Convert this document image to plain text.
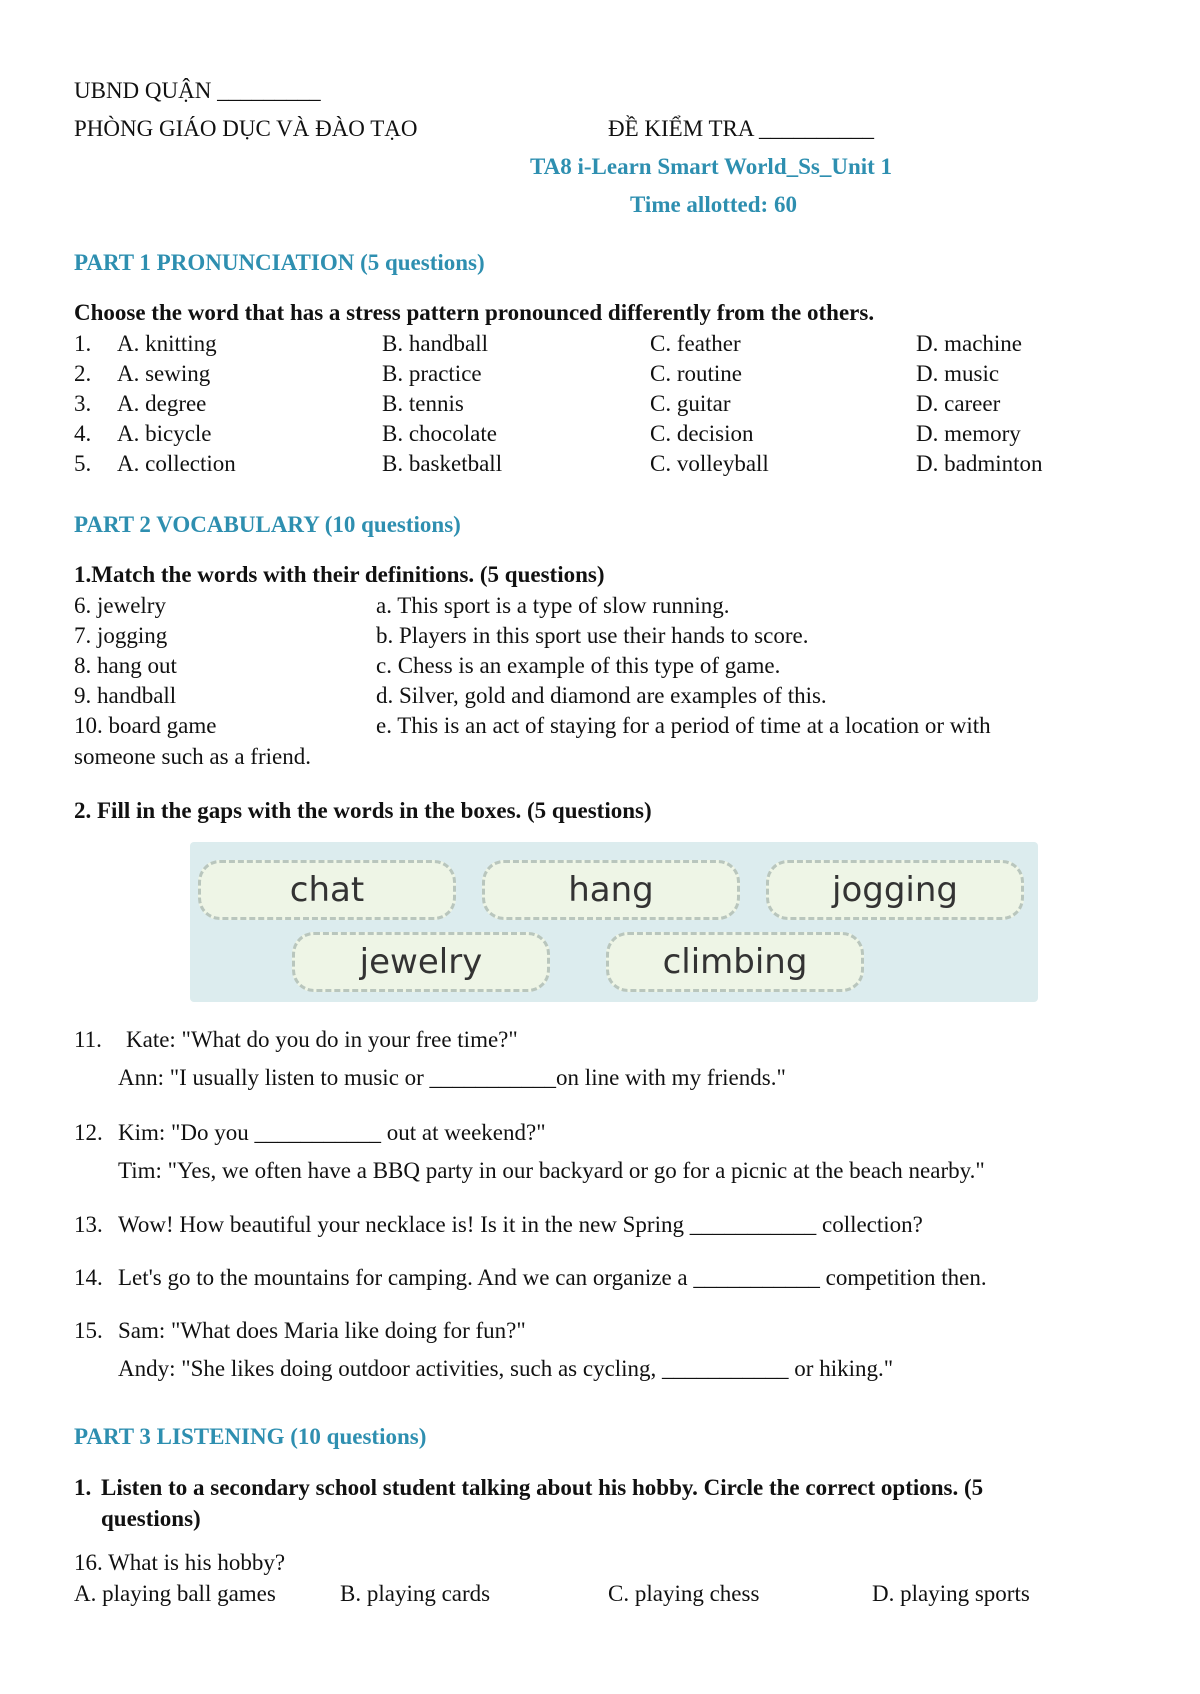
UBND QUẬN _________
PHÒNG GIÁO DỤC VÀ ĐÀO TẠO	ĐỀ KIỂM TRA __________
TA8 i-Learn Smart World_Ss_Unit 1
Time allotted: 60
PART 1 PRONUNCIATION (5 questions)
Choose the word that has a stress pattern pronounced differently from the others.
1. A. knitting	B. handball	C. feather	D. machine
2. A. sewing	B. practice	C. routine	D. music
3. A. degree	B. tennis	C. guitar	D. career
4. A. bicycle	B. chocolate	C. decision	D. memory
5. A. collection	B. basketball	C. volleyball	D. badminton
PART 2 VOCABULARY (10 questions)
1.Match the words with their definitions. (5 questions)
6. jewelry	a. This sport is a type of slow running.
7. jogging	b. Players in this sport use their hands to score.
8. hang out	c. Chess is an example of this type of game.
9. handball	d. Silver, gold and diamond are examples of this.
10. board game	e. This is an act of staying for a period of time at a location or with
someone such as a friend.
2. Fill in the gaps with the words in the boxes. (5 questions)
chat	hang	jogging
jewelry	climbing
11. Kate: "What do you do in your free time?"
Ann: "I usually listen to music or ___________on line with my friends."
12. Kim: "Do you ___________ out at weekend?"
Tim: "Yes, we often have a BBQ party in our backyard or go for a picnic at the beach nearby."
13. Wow! How beautiful your necklace is! Is it in the new Spring ___________ collection?
14. Let's go to the mountains for camping. And we can organize a ___________ competition then.
15. Sam: "What does Maria like doing for fun?"
Andy: "She likes doing outdoor activities, such as cycling, ___________ or hiking."
PART 3 LISTENING (10 questions)
1. Listen to a secondary school student talking about his hobby. Circle the correct options. (5
questions)
16. What is his hobby?
A. playing ball games	B. playing cards	C. playing chess	D. playing sports
